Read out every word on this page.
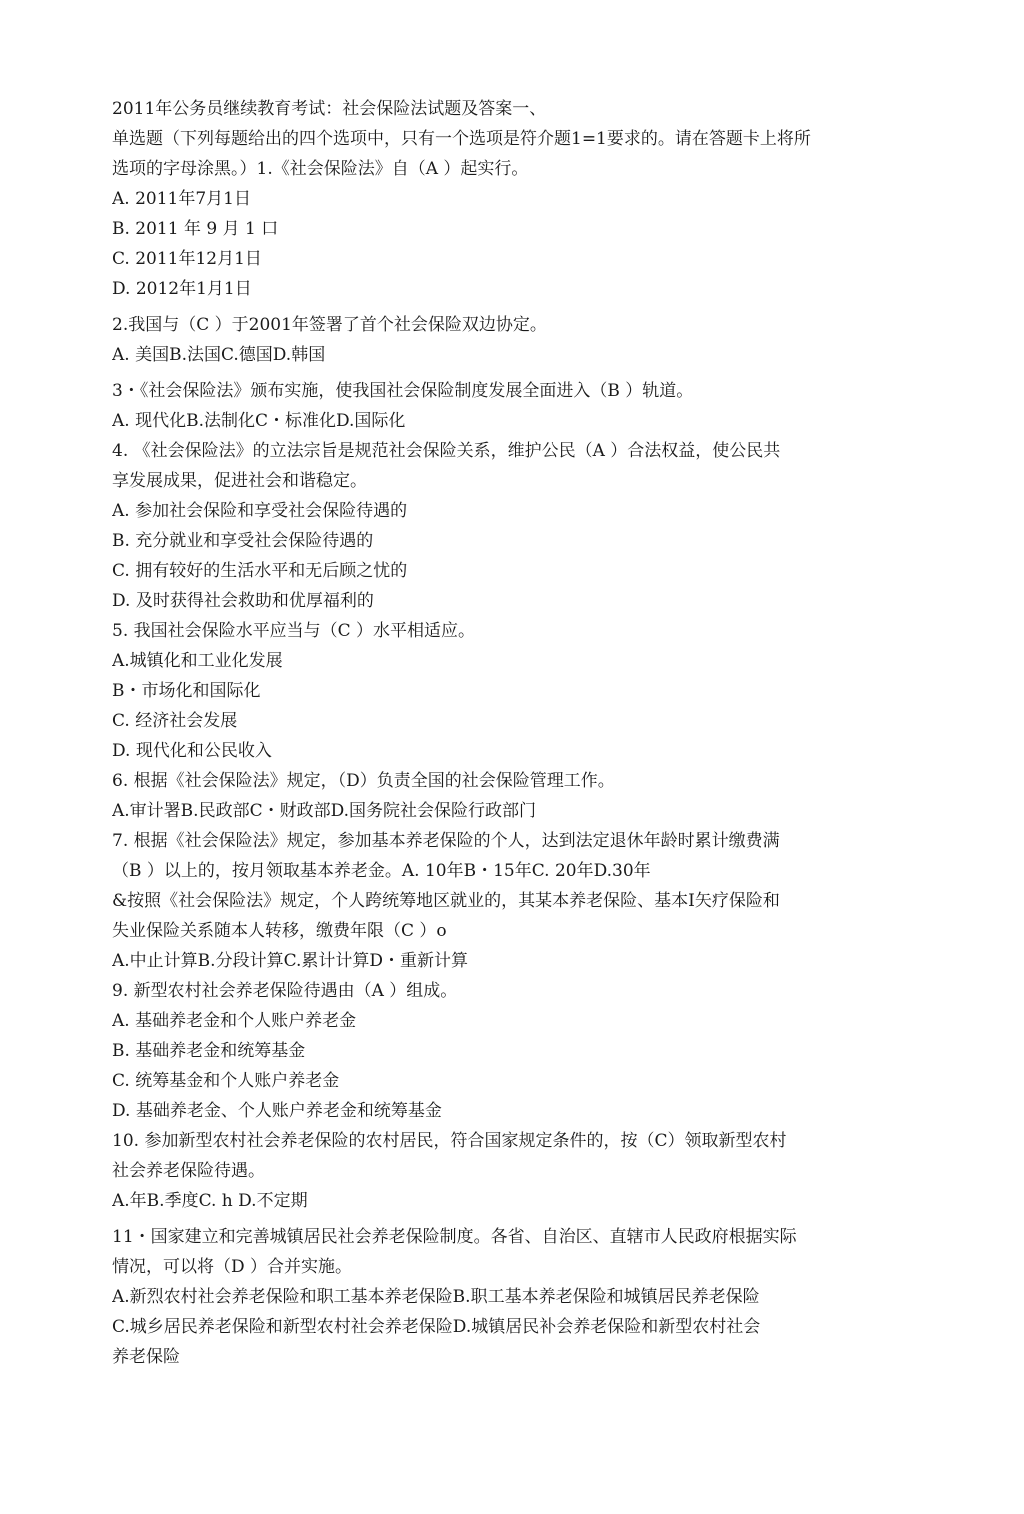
2011年公务员继续教育考试：社会保险法试题及答案一、
单选题（下列每题给出的四个选项中，只有一个选项是符介题1=1要求的。请在答题卡上将所
选项的字母涂黑。）1.《社会保险法》自（A ）起实行。
A. 2011年7月1日
B. 2011 年 9 月 1 口
C. 2011年12月1日
D. 2012年1月1日
2.我国与（C ）于2001年签署了首个社会保险双边协定。
A. 美国B.法国C.德国D.韩国
3・《社会保险法》颁布实施，使我国社会保险制度发展全面进入（B ）轨道。
A. 现代化B.法制化C・标准化D.国际化
4. 《社会保险法》的立法宗旨是规范社会保险关系，维护公民（A ）合法权益，使公民共
享发展成果，促进社会和谐稳定。
A. 参加社会保险和享受社会保险待遇的
B. 充分就业和享受社会保险待遇的
C. 拥有较好的生活水平和无后顾之忧的
D. 及时获得社会救助和优厚福利的
5. 我国社会保险水平应当与（C ）水平相适应。
A.城镇化和工业化发展
B・市场化和国际化
C. 经济社会发展
D. 现代化和公民收入
6. 根据《社会保险法》规定，（D）负责全国的社会保险管理工作。
A.审计署B.民政部C・财政部D.国务院社会保险行政部门
7. 根据《社会保险法》规定，参加基本养老保险的个人，达到法定退休年龄时累计缴费满
（B ）以上的，按月领取基本养老金。A. 10年B・15年C. 20年D.30年
&按照《社会保险法》规定，个人跨统筹地区就业的，其某本养老保险、基本I矢疗保险和
失业保险关系随本人转移，缴费年限（C ）o
A.中止计算B.分段计算C.累计计算D・重新计算
9. 新型农村社会养老保险待遇由（A ）组成。
A. 基础养老金和个人账户养老金
B. 基础养老金和统筹基金
C. 统筹基金和个人账户养老金
D. 基础养老金、个人账户养老金和统筹基金
10. 参加新型农村社会养老保险的农村居民，符合国家规定条件的，按（C）领取新型农村
社会养老保险待遇。
A.年B.季度C. h D.不定期
11・国家建立和完善城镇居民社会养老保险制度。各省、自治区、直辖市人民政府根据实际
情况，可以将（D ）合并实施。
A.新烈农村社会养老保险和职工基本养老保险B.职工基本养老保险和城镇居民养老保险
C.城乡居民养老保险和新型农村社会养老保险D.城镇居民补会养老保险和新型农村社会
养老保险
